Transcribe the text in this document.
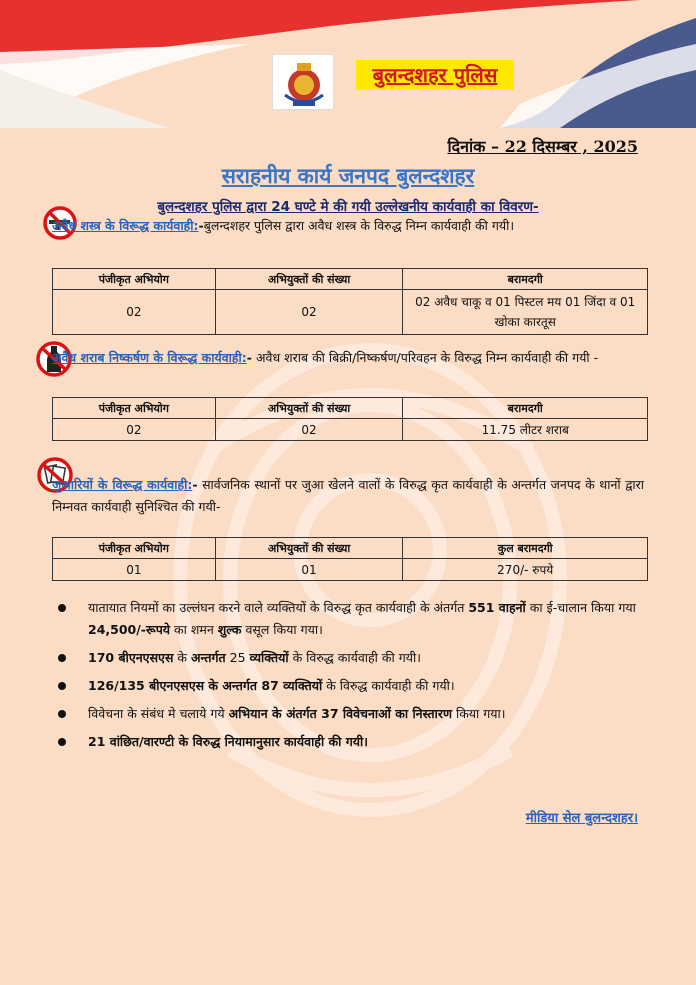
बुलन्दशहर पुलिस
दिनांक – 22 दिसम्बर , 2025
सराहनीय कार्य जनपद बुलन्दशहर
बुलन्दशहर पुलिस द्वारा 24 घण्टे मे की गयी उल्लेखनीय कार्यवाही का विवरण-
अवैध शस्त्र के विरूद्ध कार्यवाही:-बुलन्दशहर पुलिस द्वारा अवैध शस्त्र के विरुद्ध निम्न कार्यवाही की गयी।
पंजीकृत अभियोग	अभियुक्तों की संख्या	बरामदगी
02	02	02 अवैध चाकू व 01 पिस्टल मय 01 जिंदा व 01 खोका कारतूस
अवैध शराब निष्कर्षण के विरूद्ध कार्यवाही:- अवैध शराब की बिक्री/निष्कर्षण/परिवहन के विरुद्ध निम्न कार्यवाही की गयी -
पंजीकृत अभियोग	अभियुक्तों की संख्या	बरामदगी
02	02	11.75 लीटर शराब
जुआरियों के विरूद्ध कार्यवाही:- सार्वजनिक स्थानों पर जुआ खेलने वालों के विरुद्ध कृत कार्यवाही के अन्तर्गत जनपद के थानों द्वारा निम्नवत कार्यवाही सुनिश्चित की गयी-
पंजीकृत अभियोग	अभियुक्तों की संख्या	कुल बरामदगी
01	01	270/- रुपये
यातायात नियमों का उल्लंघन करने वाले व्यक्तियों के विरुद्ध कृत कार्यवाही के अंतर्गत 551 वाहनों का ई-चालान किया गया 24,500/-रूपये का शमन शुल्क वसूल किया गया।
170 बीएनएसएस के अन्तर्गत 25 व्यक्तियों के विरुद्ध कार्यवाही की गयी।
126/135 बीएनएसएस के अन्तर्गत 87 व्यक्तियों के विरुद्ध कार्यवाही की गयी।
विवेचना के संबंध मे चलाये गये अभियान के अंतर्गत 37 विवेचनाओं का निस्तारण किया गया।
21 वांछित/वारण्टी के विरुद्ध नियामानुसार कार्यवाही की गयी।
मीडिया सेल बुलन्दशहर।
